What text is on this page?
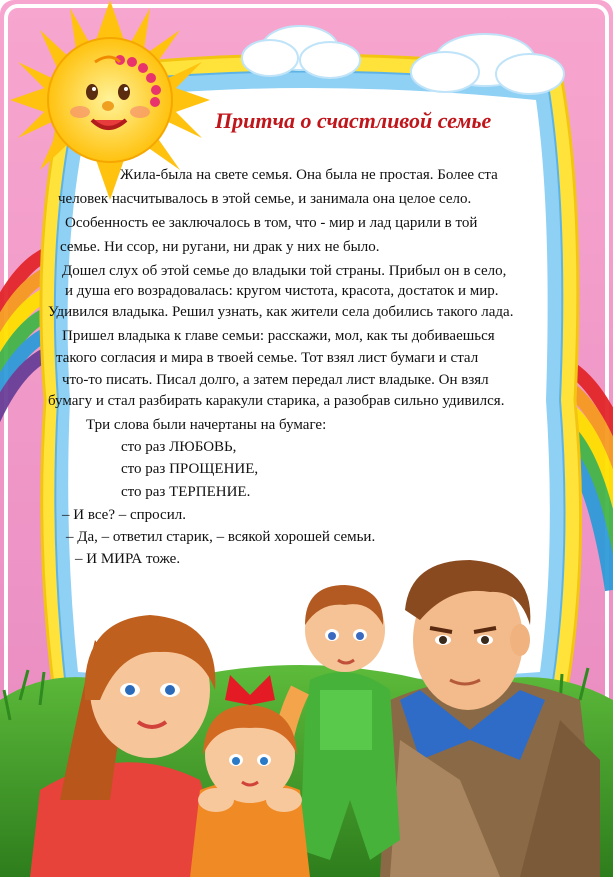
Притча о счастливой семье
Жила-была на свете семья. Она была не простая. Более ста
человек насчитывалось в этой семье, и занимала она целое село.
Особенность ее заключалось в том, что - мир и лад царили в той
семье. Ни ссор, ни ругани, ни драк у них не было.
Дошел слух об этой семье до владыки той страны. Прибыл он в село,
и душа его возрадовалась: кругом чистота, красота, достаток и мир.
Удивился владыка. Решил узнать, как жители села добились такого лада.
Пришел владыка к главе семьи: расскажи, мол, как ты добиваешься
такого согласия и мира в твоей семье. Тот взял лист бумаги и стал
что-то писать. Писал долго, а затем передал лист владыке. Он взял
бумагу и стал разбирать каракули старика, а разобрав сильно удивился.
Три слова были начертаны на бумаге:
сто раз ЛЮБОВЬ,
сто раз ПРОЩЕНИЕ,
сто раз ТЕРПЕНИЕ.
– И все? – спросил.
– Да, – ответил старик, – всякой хорошей семьи.
– И МИРА тоже.
